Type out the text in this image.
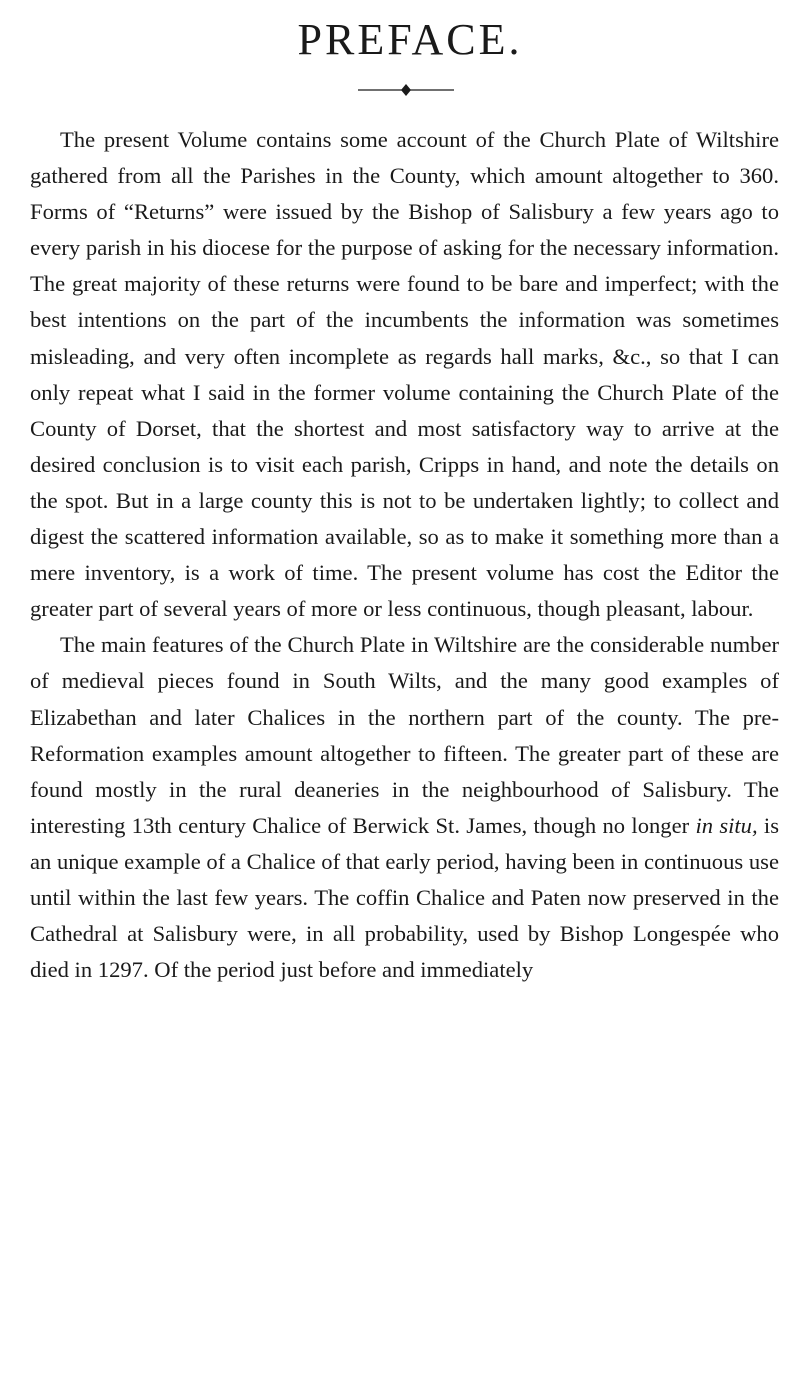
PREFACE.

The present Volume contains some account of the Church Plate of Wiltshire gathered from all the Parishes in the County, which amount altogether to 360. Forms of “Returns” were issued by the Bishop of Salisbury a few years ago to every parish in his diocese for the purpose of asking for the necessary information. The great majority of these returns were found to be bare and imperfect; with the best intentions on the part of the incumbents the information was sometimes misleading, and very often incomplete as regards hall marks, &c., so that I can only repeat what I said in the former volume containing the Church Plate of the County of Dorset, that the shortest and most satisfactory way to arrive at the desired conclusion is to visit each parish, Cripps in hand, and note the details on the spot. But in a large county this is not to be undertaken lightly; to collect and digest the scattered information available, so as to make it something more than a mere inventory, is a work of time. The present volume has cost the Editor the greater part of several years of more or less continuous, though pleasant, labour.

The main features of the Church Plate in Wiltshire are the considerable number of medieval pieces found in South Wilts, and the many good examples of Elizabethan and later Chalices in the northern part of the county. The pre-Reformation examples amount altogether to fifteen. The greater part of these are found mostly in the rural deaneries in the neighbourhood of Salisbury. The interesting 13th century Chalice of Berwick St. James, though no longer in situ, is an unique example of a Chalice of that early period, having been in continuous use until within the last few years. The coffin Chalice and Paten now preserved in the Cathedral at Salisbury were, in all probability, used by Bishop Longespée who died in 1297. Of the period just before and immediately
